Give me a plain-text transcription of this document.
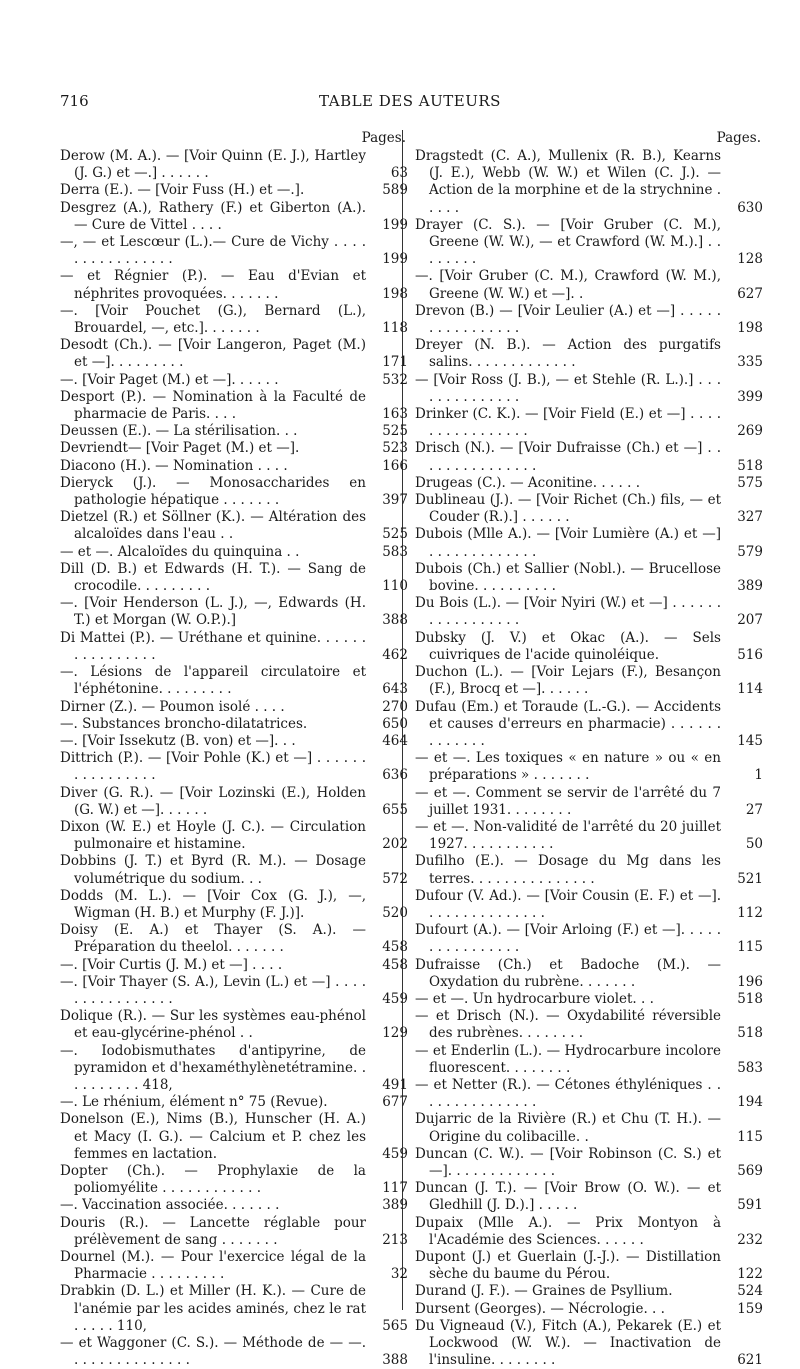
716	TABLE DES AUTEURS
Pages.
Derow (M. A.). — [Voir Quinn (E. J.), Hartley (J. G.) et —.] . . . . . .	63
Derra (E.). — [Voir Fuss (H.) et —.].	589
Desgrez (A.), Rathery (F.) et Giberton (A.). — Cure de Vittel . . . .	199
—, — et Lescœur (L.).— Cure de Vichy . . . . . . . . . . . . . . . .	199
— et Régnier (P.). — Eau d'Evian et néphrites provoquées. . . . . . .	198
—. [Voir Pouchet (G.), Bernard (L.), Brouardel, —, etc.]. . . . . . .	118
Desodt (Ch.). — [Voir Langeron, Paget (M.) et —]. . . . . . . . .	171
—. [Voir Paget (M.) et —]. . . . . .	532
Desport (P.). — Nomination à la Faculté de pharmacie de Paris. . . .	163
Deussen (E.). — La stérilisation. . .	525
Devriendt— [Voir Paget (M.) et —].	523
Diacono (H.). — Nomination . . . .	166
Dieryck (J.). — Monosaccharides en pathologie hépatique . . . . . . .	397
Dietzel (R.) et Söllner (K.). — Altération des alcaloïdes dans l'eau . .	525
— et —. Alcaloïdes du quinquina . .	583
Dill (D. B.) et Edwards (H. T.). — Sang de crocodile. . . . . . . . .	110
—. [Voir Henderson (L. J.), —, Edwards (H. T.) et Morgan (W. O.P.).]	388
Di Mattei (P.). — Uréthane et quinine. . . . . . . . . . . . . . . .	462
—. Lésions de l'appareil circulatoire et l'éphétonine. . . . . . . . .	643
Dirner (Z.). — Poumon isolé . . . .	270
—. Substances broncho-dilatatrices.	650
—. [Voir Issekutz (B. von) et —]. . .	464
Dittrich (P.). — [Voir Pohle (K.) et —] . . . . . . . . . . . . . . . .	636
Diver (G. R.). — [Voir Lozinski (E.), Holden (G. W.) et —]. . . . . .	655
Dixon (W. E.) et Hoyle (J. C.). — Circulation pulmonaire et histamine.	202
Dobbins (J. T.) et Byrd (R. M.). — Dosage volumétrique du sodium. . .	572
Dodds (M. L.). — [Voir Cox (G. J.), —, Wigman (H. B.) et Murphy (F. J.)].	520
Doisy (E. A.) et Thayer (S. A.). — Préparation du theelol. . . . . . .	458
—. [Voir Curtis (J. M.) et —] . . . .	458
—. [Voir Thayer (S. A.), Levin (L.) et —] . . . . . . . . . . . . . . . .	459
Dolique (R.). — Sur les systèmes eau-phénol et eau-glycérine-phénol . .	129
—. Iodobismuthates d'antipyrine, de pyramidon et d'hexaméthylènetétramine. . . . . . . . . . 418,	491
—. Le rhénium, élément n° 75 (Revue).	677
Donelson (E.), Nims (B.), Hunscher (H. A.) et Macy (I. G.). — Calcium et P. chez les femmes en lactation.	459
Dopter (Ch.). — Prophylaxie de la poliomyélite . . . . . . . . . . . .	117
—. Vaccination associée. . . . . . .	389
Douris (R.). — Lancette réglable pour prélèvement de sang . . . . . . .	213
Dournel (M.). — Pour l'exercice légal de la Pharmacie . . . . . . . . .	32
Drabkin (D. L.) et Miller (H. K.). — Cure de l'anémie par les acides aminés, chez le rat . . . . . 110,	565
— et Waggoner (C. S.). — Méthode de — —. . . . . . . . . . . . . . .	388
Pages.
Dragstedt (C. A.), Mullenix (R. B.), Kearns (J. E.), Webb (W. W.) et Wilen (C. J.). — Action de la morphine et de la strychnine . . . . .	630
Drayer (C. S.). — [Voir Gruber (C. M.), Greene (W. W.), — et Crawford (W. M.).] . . . . . . . .	128
—. [Voir Gruber (C. M.), Crawford (W. M.), Greene (W. W.) et —]. .	627
Drevon (B.) — [Voir Leulier (A.) et —] . . . . . . . . . . . . . . . .	198
Dreyer (N. B.). — Action des purgatifs salins. . . . . . . . . . . . .	335
— [Voir Ross (J. B.), — et Stehle (R. L.).] . . . . . . . . . . . . . .	399
Drinker (C. K.). — [Voir Field (E.) et —] . . . . . . . . . . . . . . . .	269
Drisch (N.). — [Voir Dufraisse (Ch.) et —] . . . . . . . . . . . . . . .	518
Drugeas (C.). — Aconitine. . . . . .	575
Dublineau (J.). — [Voir Richet (Ch.) fils, — et Couder (R.).] . . . . . .	327
Dubois (Mlle A.). — [Voir Lumière (A.) et —] . . . . . . . . . . . . .	579
Dubois (Ch.) et Sallier (Nobl.). — Brucellose bovine. . . . . . . . . .	389
Du Bois (L.). — [Voir Nyiri (W.) et —] . . . . . . . . . . . . . . . . .	207
Dubsky (J. V.) et Okac (A.). — Sels cuivriques de l'acide quinoléique.	516
Duchon (L.). — [Voir Lejars (F.), Besançon (F.), Brocq et —]. . . . . .	114
Dufau (Em.) et Toraude (L.-G.). — Accidents et causes d'erreurs en pharmacie) . . . . . . . . . . . . .	145
— et —. Les toxiques « en nature » ou « en préparations » . . . . . . .	1
— et —. Comment se servir de l'arrêté du 7 juillet 1931. . . . . . . .	27
— et —. Non-validité de l'arrêté du 20 juillet 1927. . . . . . . . . . .	50
Dufilho (E.). — Dosage du Mg dans les terres. . . . . . . . . . . . . . .	521
Dufour (V. Ad.). — [Voir Cousin (E. F.) et —]. . . . . . . . . . . . . . .	112
Dufourt (A.). — [Voir Arloing (F.) et —]. . . . . . . . . . . . . . . .	115
Dufraisse (Ch.) et Badoche (M.). — Oxydation du rubrène. . . . . . .	196
— et —. Un hydrocarbure violet. . .	518
— et Drisch (N.). — Oxydabilité réversible des rubrènes. . . . . . . .	518
— et Enderlin (L.). — Hydrocarbure incolore fluorescent. . . . . . . .	583
— et Netter (R.). — Cétones éthyléniques . . . . . . . . . . . . . . .	194
Dujarric de la Rivière (R.) et Chu (T. H.). — Origine du colibacille. .	115
Duncan (C. W.). — [Voir Robinson (C. S.) et —]. . . . . . . . . . . . .	569
Duncan (J. T.). — [Voir Brow (O. W.). — et Gledhill (J. D.).] . . . . .	591
Dupaix (Mlle A.). — Prix Montyon à l'Académie des Sciences. . . . . .	232
Dupont (J.) et Guerlain (J.-J.). — Distillation sèche du baume du Pérou.	122
Durand (J. F.). — Graines de Psyllium.	524
Dursent (Georges). — Nécrologie. . .	159
Du Vigneaud (V.), Fitch (A.), Pekarek (E.) et Lockwood (W. W.). — Inactivation de l'insuline. . . . . . . .	621
